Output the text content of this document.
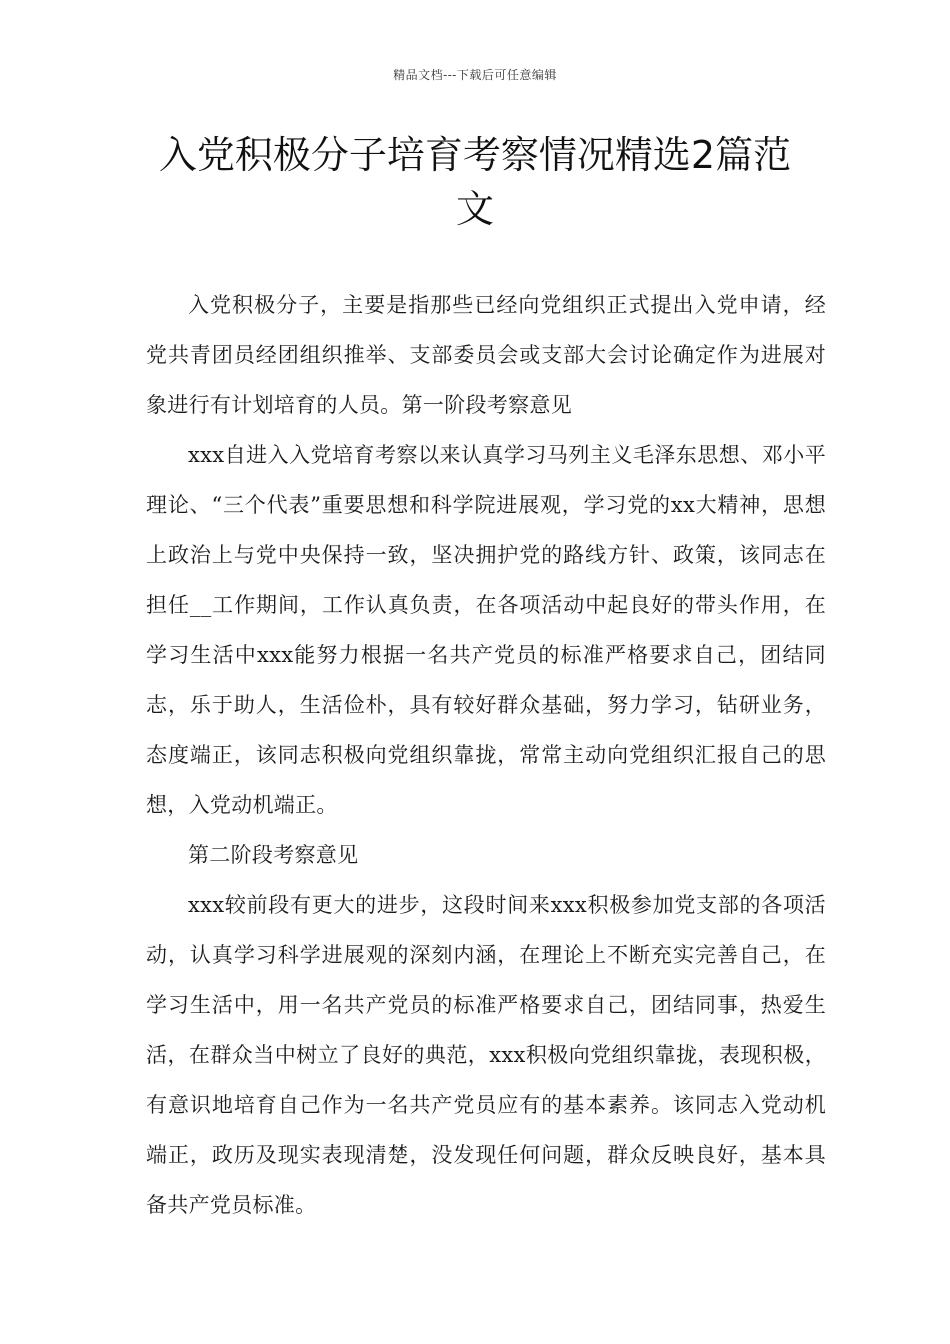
精品文档---下载后可任意编辑
入党积极分子培育考察情况精选2篇范文

入党积极分子，主要是指那些已经向党组织正式提出入党申请，经党共青团员经团组织推举、支部委员会或支部大会讨论确定作为进展对象进行有计划培育的人员。第一阶段考察意见

xxx自进入入党培育考察以来认真学习马列主义毛泽东思想、邓小平理论、“三个代表”重要思想和科学院进展观，学习党的xx大精神，思想上政治上与党中央保持一致，坚决拥护党的路线方针、政策，该同志在担任__工作期间，工作认真负责，在各项活动中起良好的带头作用，在学习生活中xxx能努力根据一名共产党员的标准严格要求自己，团结同志，乐于助人，生活俭朴，具有较好群众基础，努力学习，钻研业务，态度端正，该同志积极向党组织靠拢，常常主动向党组织汇报自己的思想，入党动机端正。

第二阶段考察意见

xxx较前段有更大的进步，这段时间来xxx积极参加党支部的各项活动，认真学习科学进展观的深刻内涵，在理论上不断充实完善自己，在学习生活中，用一名共产党员的标准严格要求自己，团结同事，热爱生活，在群众当中树立了良好的典范，xxx积极向党组织靠拢，表现积极，有意识地培育自己作为一名共产党员应有的基本素养。该同志入党动机端正，政历及现实表现清楚，没发现任何问题，群众反映良好，基本具备共产党员标准。
